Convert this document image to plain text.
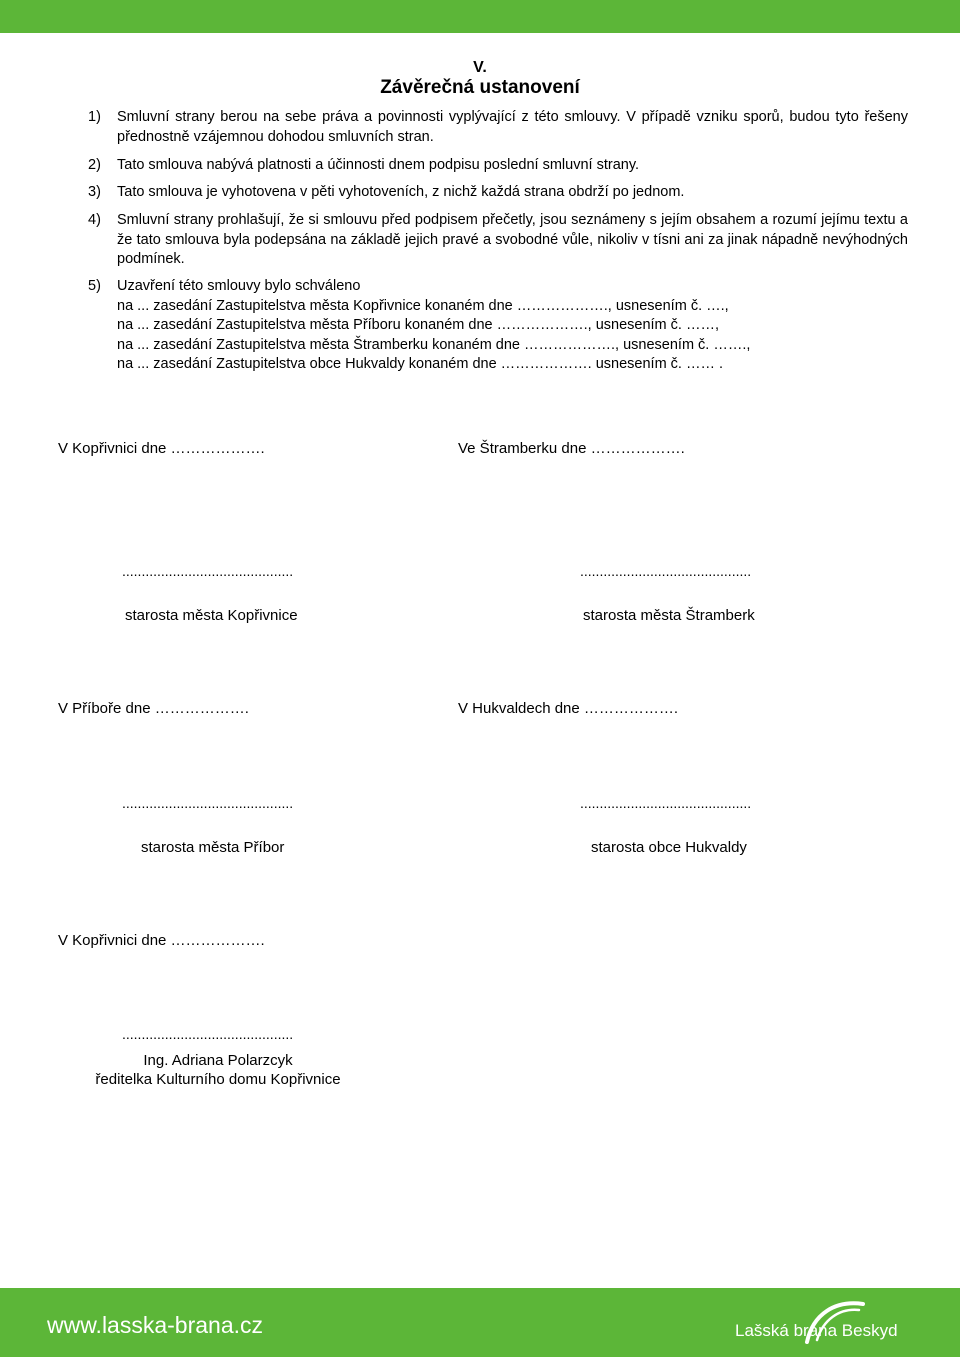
V.
Závěrečná ustanovení
1) Smluvní strany berou na sebe práva a povinnosti vyplývající z této smlouvy. V případě vzniku sporů, budou tyto řešeny přednostně vzájemnou dohodou smluvních stran.
2) Tato smlouva nabývá platnosti a účinnosti dnem podpisu poslední smluvní strany.
3) Tato smlouva je vyhotovena v pěti vyhotoveních, z nichž každá strana obdrží po jednom.
4) Smluvní strany prohlašují, že si smlouvu před podpisem přečetly, jsou seznámeny s jejím obsahem a rozumí jejímu textu a že tato smlouva byla podepsána na základě jejich pravé a svobodné vůle, nikoliv v tísni ani za jinak nápadně nevýhodných podmínek.
5) Uzavření této smlouvy bylo schváleno
na ... zasedání Zastupitelstva města Kopřivnice konaném dne ………………., usnesením č. ….,
na ... zasedání Zastupitelstva města Příboru konaném dne ………………., usnesením č. ……,
na ... zasedání Zastupitelstva města Štramberku konaném dne ………………., usnesením č. …….,
na ... zasedání Zastupitelstva obce Hukvaldy konaném dne ………………. usnesením č. …… .
V Kopřivnici dne ……………….	Ve Štramberku dne ……………….
............................................	............................................
starosta města Kopřivnice	starosta města Štramberk
V Příboře dne ……………….	V Hukvaldech dne ……………….
............................................	............................................
starosta města Příbor	starosta obce Hukvaldy
V Kopřivnici dne ……………….
............................................
Ing. Adriana Polarzcyk
ředitelka Kulturního domu Kopřivnice
www.lasska-brana.cz	Lašská brána Beskyd
